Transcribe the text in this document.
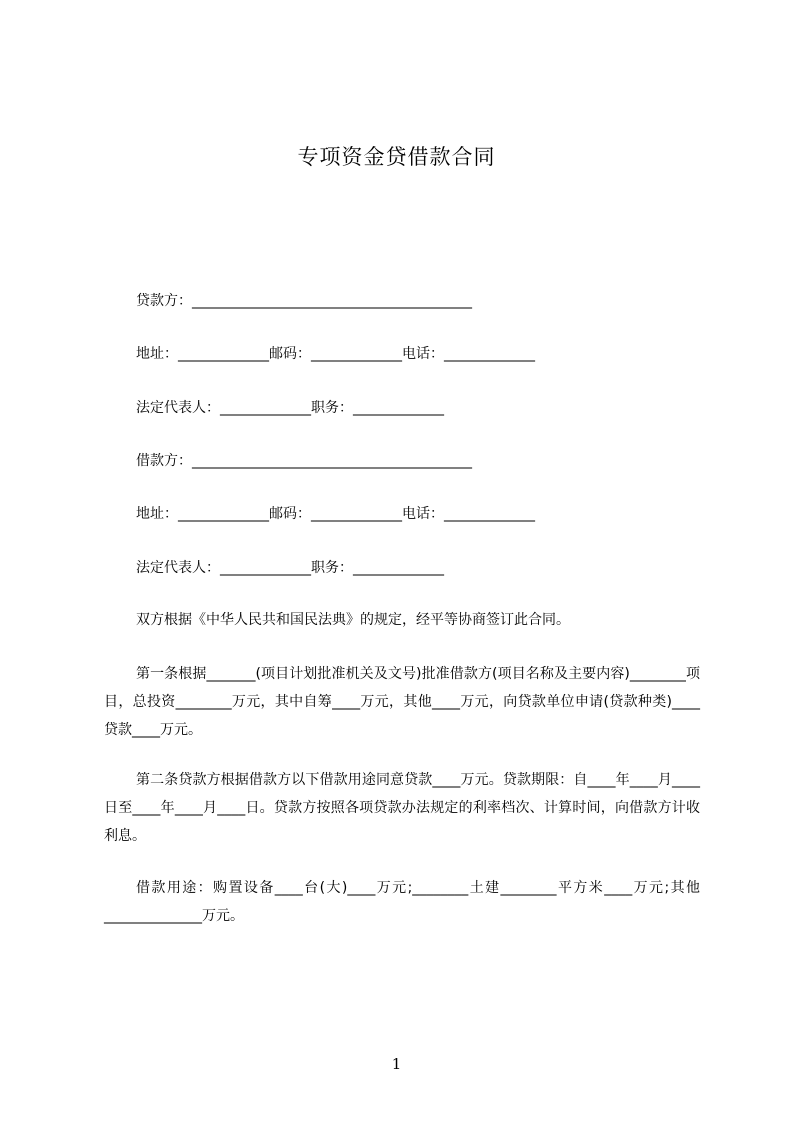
专项资金贷借款合同
贷款方：________________________________________
地址：_____________邮码：_____________电话：_____________
法定代表人：_____________职务：_____________
借款方：________________________________________
地址：_____________邮码：_____________电话：_____________
法定代表人：_____________职务：_____________
双方根据《中华人民共和国民法典》的规定，经平等协商签订此合同。
第一条根据_______(项目计划批准机关及文号)批准借款方(项目名称及主要内容)________项目，总投资________万元，其中自筹____万元，其他____万元，向贷款单位申请(贷款种类)____贷款____万元。
第二条贷款方根据借款方以下借款用途同意贷款____万元。贷款期限：自____年____月____日至____年____月____日。贷款方按照各项贷款办法规定的利率档次、计算时间，向借款方计收利息。
借款用途：购置设备____台(大)____万元;________土建________平方米____万元;其他______________万元。
1
